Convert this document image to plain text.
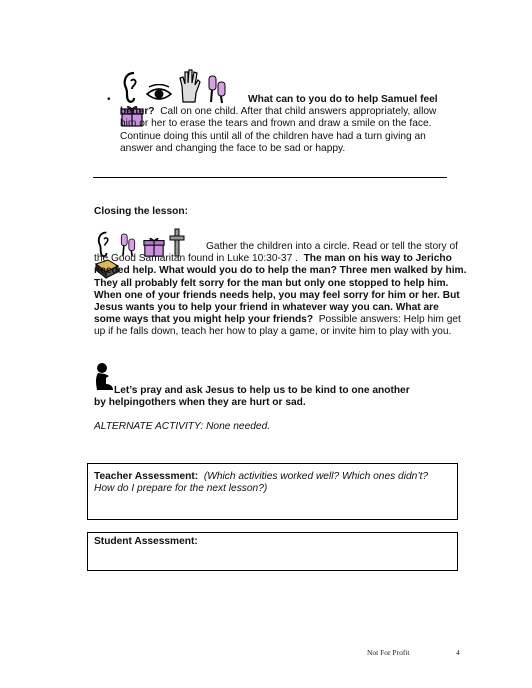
•	What can to you do to help Samuel feel better? Call on one child. After that child answers appropriately, allow him or her to erase the tears and frown and draw a smile on the face. Continue doing this until all of the children have had a turn giving an answer and changing the face to be sad or happy.
Closing the lesson:

Gather the children into a circle. Read or tell the story of the Good Samaritan found in Luke 10:30-37 . The man on his way to Jericho needed help. What would you do to help the man? Three men walked by him. They all probably felt sorry for the man but only one stopped to help him. When one of your friends needs help, you may feel sorry for him or her. But Jesus wants you to help your friend in whatever way you can. What are some ways that you might help your friends? Possible answers: Help him get up if he falls down, teach her how to play a game, or invite him to play with you.
Let’s pray and ask Jesus to help us to be kind to one another by helpingothers when they are hurt or sad.
ALTERNATE ACTIVITY: None needed.
Teacher Assessment: (Which activities worked well? Which ones didn’t? How do I prepare for the next lesson?)
Student Assessment:
Not For Profit	4
